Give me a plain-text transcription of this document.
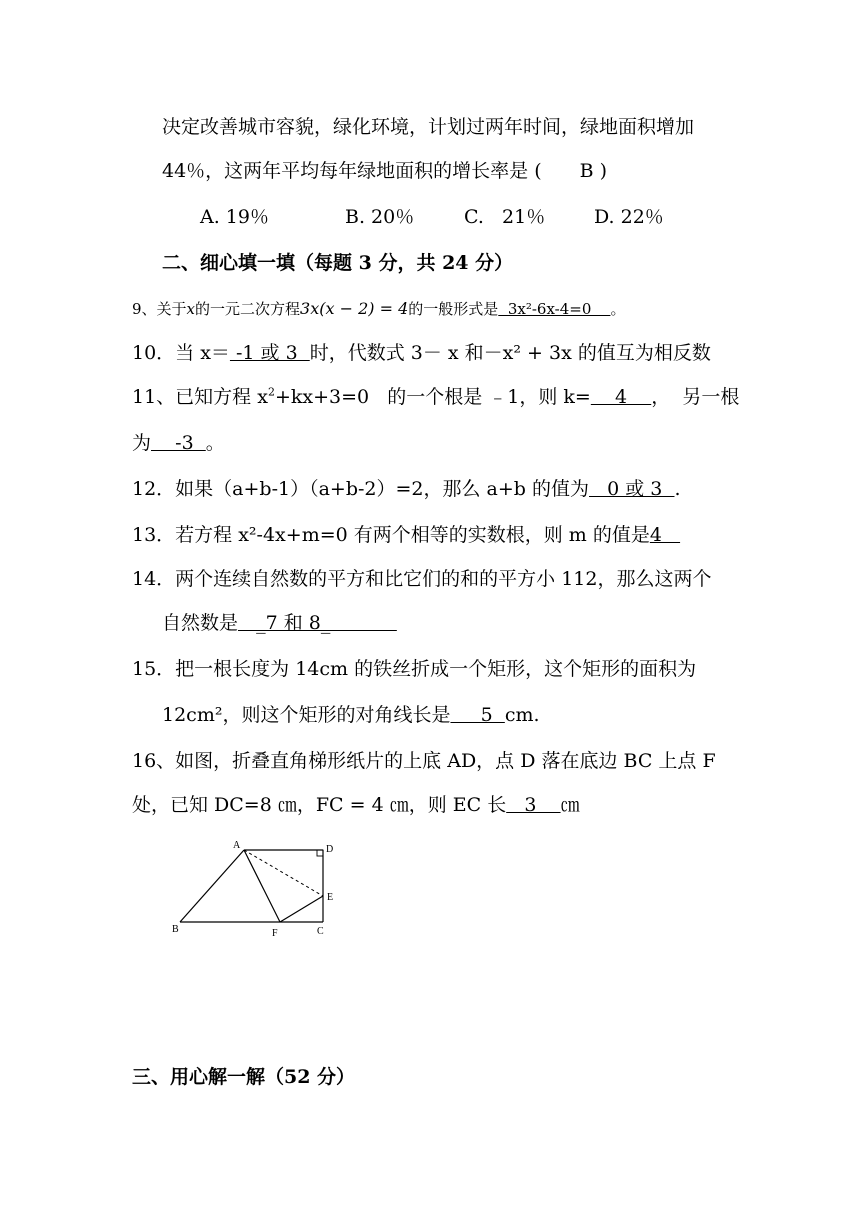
决定改善城市容貌，绿化环境，计划过两年时间，绿地面积增加
44％，这两年平均每年绿地面积的增长率是 ( B )
A. 19％	B. 20％	C.   21％	D. 22％
二、细心填一填（每题 3 分，共 24 分）
9、关于x的一元二次方程3x(x − 2) = 4的一般形式是  3x²-6x-4=0    。
10．当 x＝ -1 或 3  时，代数式 3－ x 和－x² + 3x 的值互为相反数
11、已知方程 $x^2+kx+3=0$   的一个根是 ﹣1，则 k=    4    ，  另一根
为    -3  。
12．如果（a+b-1）（a+b-2）=2，那么 a+b 的值为   0 或 3  .
13．若方程 x²-4x+m=0 有两个相等的实数根，则 m 的值是4
14．两个连续自然数的平方和比它们的和的平方小 112，那么这两个
自然数是   _7 和 8_
15．把一根长度为 14cm 的铁丝折成一个矩形，这个矩形的面积为
12cm²，则这个矩形的对角线长是     5  cm.
16、如图，折叠直角梯形纸片的上底 AD，点 D 落在底边 BC 上点 F
处，已知 DC=8 ㎝，FC = 4 ㎝，则 EC 长   3    ㎝
A	D
E
B	F	C
三、用心解一解（52 分）
